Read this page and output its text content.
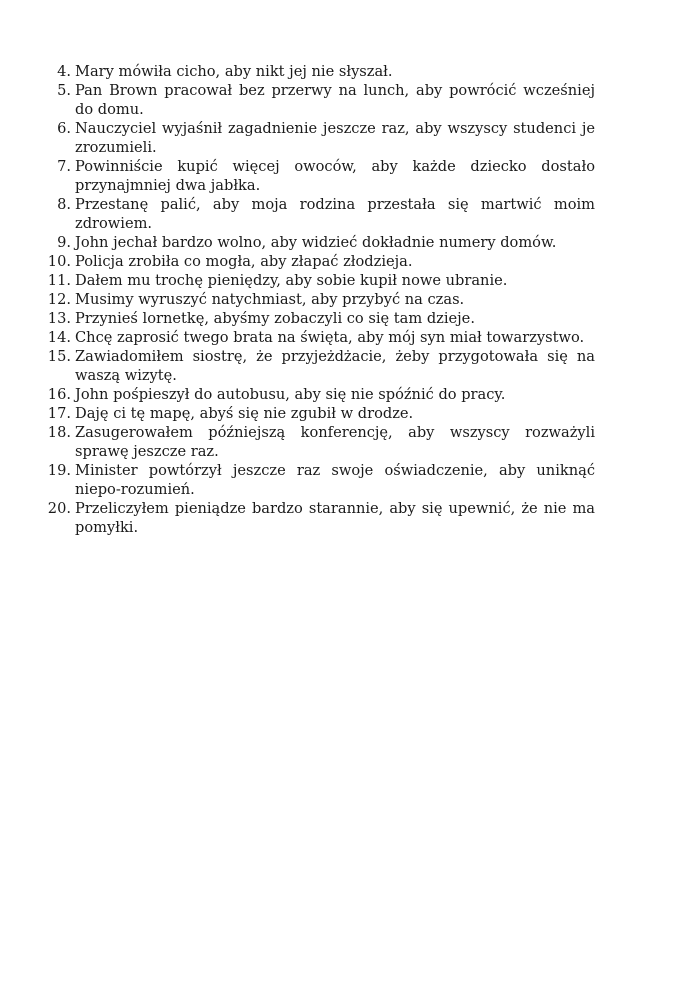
4. Mary mówiła cicho, aby nikt jej nie słyszał.
5. Pan Brown pracował bez przerwy na lunch, aby powrócić wcześniej do domu.
6. Nauczyciel wyjaśnił zagadnienie jeszcze raz, aby wszyscy studenci je zrozumieli.
7. Powinniście kupić więcej owoców, aby każde dziecko dostało przynajmniej dwa jabłka.
8. Przestanę palić, aby moja rodzina przestała się martwić moim zdrowiem.
9. John jechał bardzo wolno, aby widzieć dokładnie numery domów.
10. Policja zrobiła co mogła, aby złapać złodzieja.
11. Dałem mu trochę pieniędzy, aby sobie kupił nowe ubranie.
12. Musimy wyruszyć natychmiast, aby przybyć na czas.
13. Przynieś lornetkę, abyśmy zobaczyli co się tam dzieje.
14. Chcę zaprosić twego brata na święta, aby mój syn miał towarzystwo.
15. Zawiadomiłem siostrę, że przyjeżdżacie, żeby przygotowała się na waszą wizytę.
16. John pośpieszył do autobusu, aby się nie spóźnić do pracy.
17. Daję ci tę mapę, abyś się nie zgubił w drodze.
18. Zasugerowałem późniejszą konferencję, aby wszyscy rozważyli sprawę jeszcze raz.
19. Minister powtórzył jeszcze raz swoje oświadczenie, aby uniknąć niepo-rozumień.
20. Przeliczyłem pieniądze bardzo starannie, aby się upewnić, że nie ma pomyłki.
